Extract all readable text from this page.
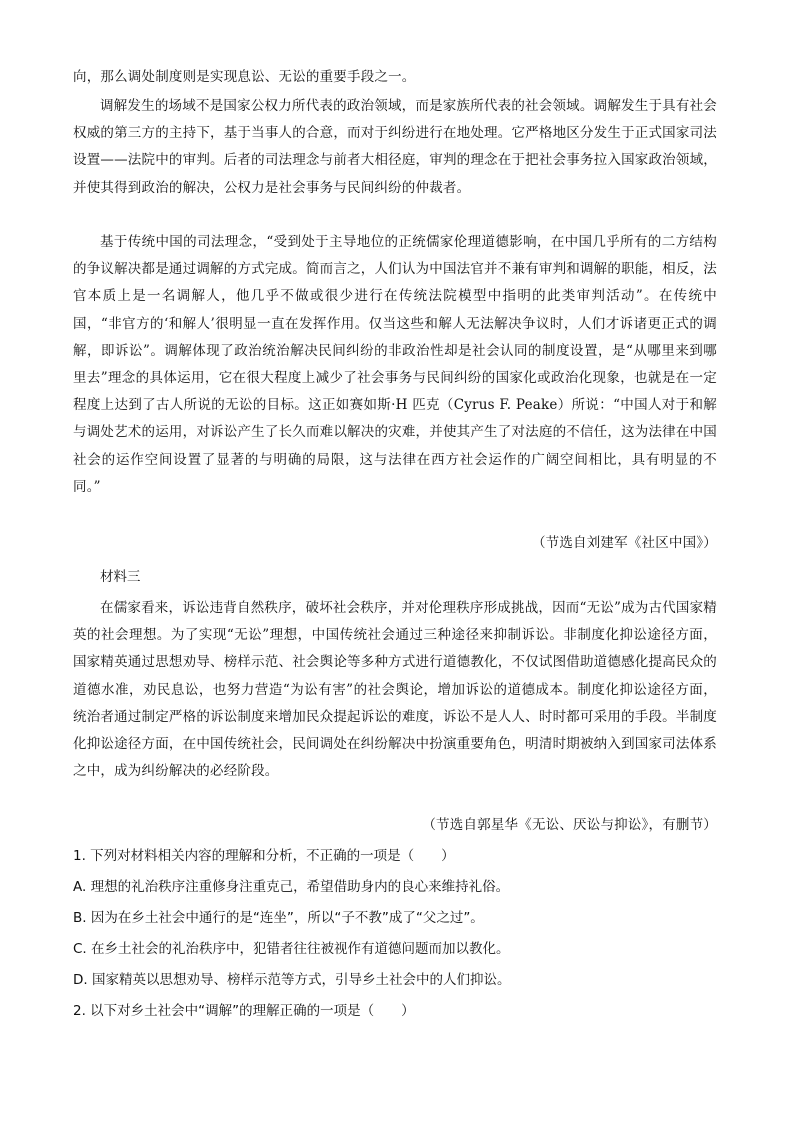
向，那么调处制度则是实现息讼、无讼的重要手段之一。
调解发生的场域不是国家公权力所代表的政治领域，而是家族所代表的社会领域。调解发生于具有社会权威的第三方的主持下，基于当事人的合意，而对于纠纷进行在地处理。它严格地区分发生于正式国家司法设置——法院中的审判。后者的司法理念与前者大相径庭，审判的理念在于把社会事务拉入国家政治领域，并使其得到政治的解决，公权力是社会事务与民间纠纷的仲裁者。
基于传统中国的司法理念，“受到处于主导地位的正统儒家伦理道德影响，在中国几乎所有的二方结构的争议解决都是通过调解的方式完成。简而言之，人们认为中国法官并不兼有审判和调解的职能，相反，法官本质上是一名调解人，他几乎不做或很少进行在传统法院模型中指明的此类审判活动”。在传统中国，“非官方的‘和解人’很明显一直在发挥作用。仅当这些和解人无法解决争议时，人们才诉诸更正式的调解，即诉讼”。调解体现了政治统治解决民间纠纷的非政治性却是社会认同的制度设置，是“从哪里来到哪里去”理念的具体运用，它在很大程度上减少了社会事务与民间纠纷的国家化或政治化现象，也就是在一定程度上达到了古人所说的无讼的目标。这正如赛如斯·H 匹克（Cyrus F. Peake）所说：“中国人对于和解与调处艺术的运用，对诉讼产生了长久而难以解决的灾难，并使其产生了对法庭的不信任，这为法律在中国社会的运作空间设置了显著的与明确的局限，这与法律在西方社会运作的广阔空间相比，具有明显的不同。”
（节选自刘建军《社区中国》）
材料三
在儒家看来，诉讼违背自然秩序，破坏社会秩序，并对伦理秩序形成挑战，因而“无讼”成为古代国家精英的社会理想。为了实现“无讼”理想，中国传统社会通过三种途径来抑制诉讼。非制度化抑讼途径方面，国家精英通过思想劝导、榜样示范、社会舆论等多种方式进行道德教化，不仅试图借助道德感化提高民众的道德水准，劝民息讼，也努力营造“为讼有害”的社会舆论，增加诉讼的道德成本。制度化抑讼途径方面，统治者通过制定严格的诉讼制度来增加民众提起诉讼的难度，诉讼不是人人、时时都可采用的手段。半制度化抑讼途径方面，在中国传统社会，民间调处在纠纷解决中扮演重要角色，明清时期被纳入到国家司法体系之中，成为纠纷解决的必经阶段。
（节选自郭星华《无讼、厌讼与抑讼》，有删节）
1. 下列对材料相关内容的理解和分析，不正确的一项是（　　）
A. 理想的礼治秩序注重修身注重克己，希望借助身内的良心来维持礼俗。
B. 因为在乡土社会中通行的是“连坐”，所以“子不教”成了“父之过”。
C. 在乡土社会的礼治秩序中，犯错者往往被视作有道德问题而加以教化。
D. 国家精英以思想劝导、榜样示范等方式，引导乡土社会中的人们抑讼。
2. 以下对乡土社会中“调解”的理解正确的一项是（　　）
